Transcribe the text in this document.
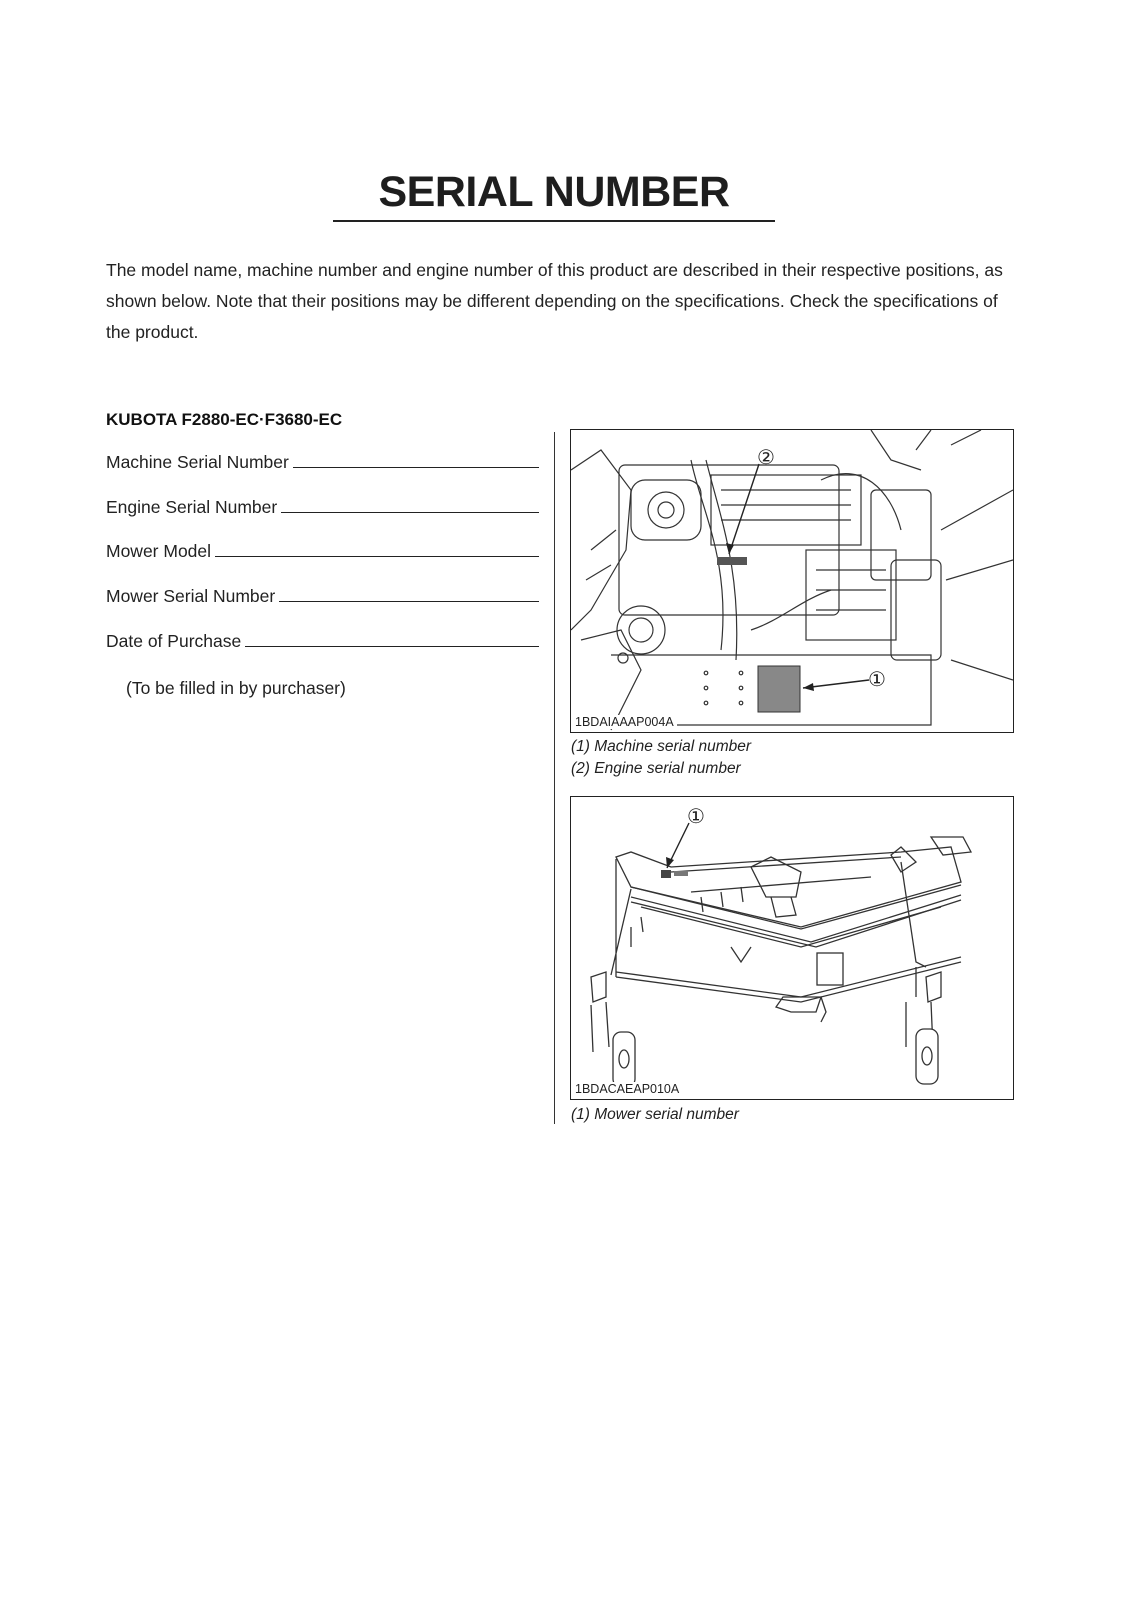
SERIAL NUMBER

The model name, machine number and engine number of this product are described in their respective positions, as shown below. Note that their positions may be different depending on the specifications. Check the specifications of the product.

KUBOTA F2880-EC·F3680-EC
Machine Serial Number
Engine Serial Number
Mower Model
Mower Serial Number
Date of Purchase
(To be filled in by purchaser)
②
①
1BDAIAAAP004A
(1) Machine serial number
(2) Engine serial number
①
1BDACAEAP010A
(1) Mower serial number
